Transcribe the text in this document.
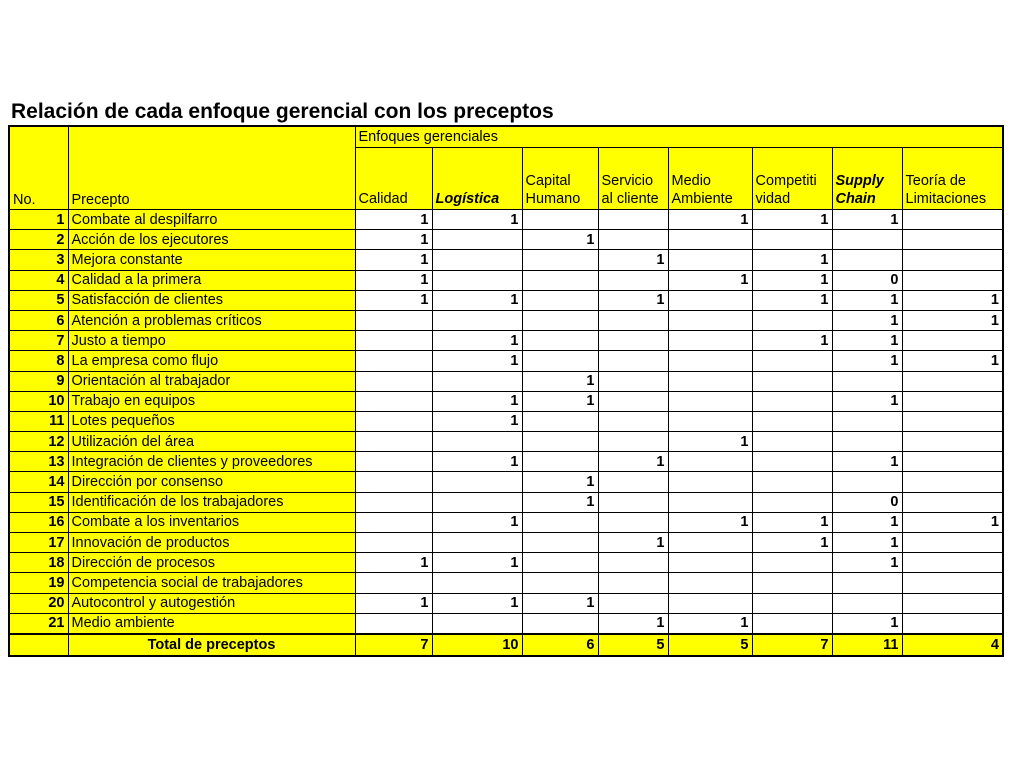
Relación de cada enfoque gerencial con los preceptos
No.	Precepto	Enfoques gerenciales							
		Calidad	Logística	Capital Humano	Servicio al cliente	Medio Ambiente	Competiti vidad	Supply Chain	Teoría de Limitaciones
1	Combate al despilfarro	1	1			1	1	1	
2	Acción de los ejecutores	1		1					
3	Mejora constante	1			1		1		
4	Calidad a la primera	1				1	1	0	
5	Satisfacción de clientes	1	1		1		1	1	1
6	Atención a problemas críticos							1	1
7	Justo a tiempo		1				1	1	
8	La empresa como flujo		1					1	1
9	Orientación al trabajador			1					
10	Trabajo en equipos		1	1				1	
11	Lotes pequeños		1						
12	Utilización del área					1			
13	Integración de clientes y proveedores		1		1			1	
14	Dirección por consenso			1					
15	Identificación de los trabajadores			1				0	
16	Combate a los inventarios		1			1	1	1	1
17	Innovación de productos				1		1	1	
18	Dirección de procesos	1	1					1	
19	Competencia social de trabajadores								
20	Autocontrol y autogestión	1	1	1					
21	Medio ambiente				1	1		1	
	Total de preceptos	7	10	6	5	5	7	11	4
